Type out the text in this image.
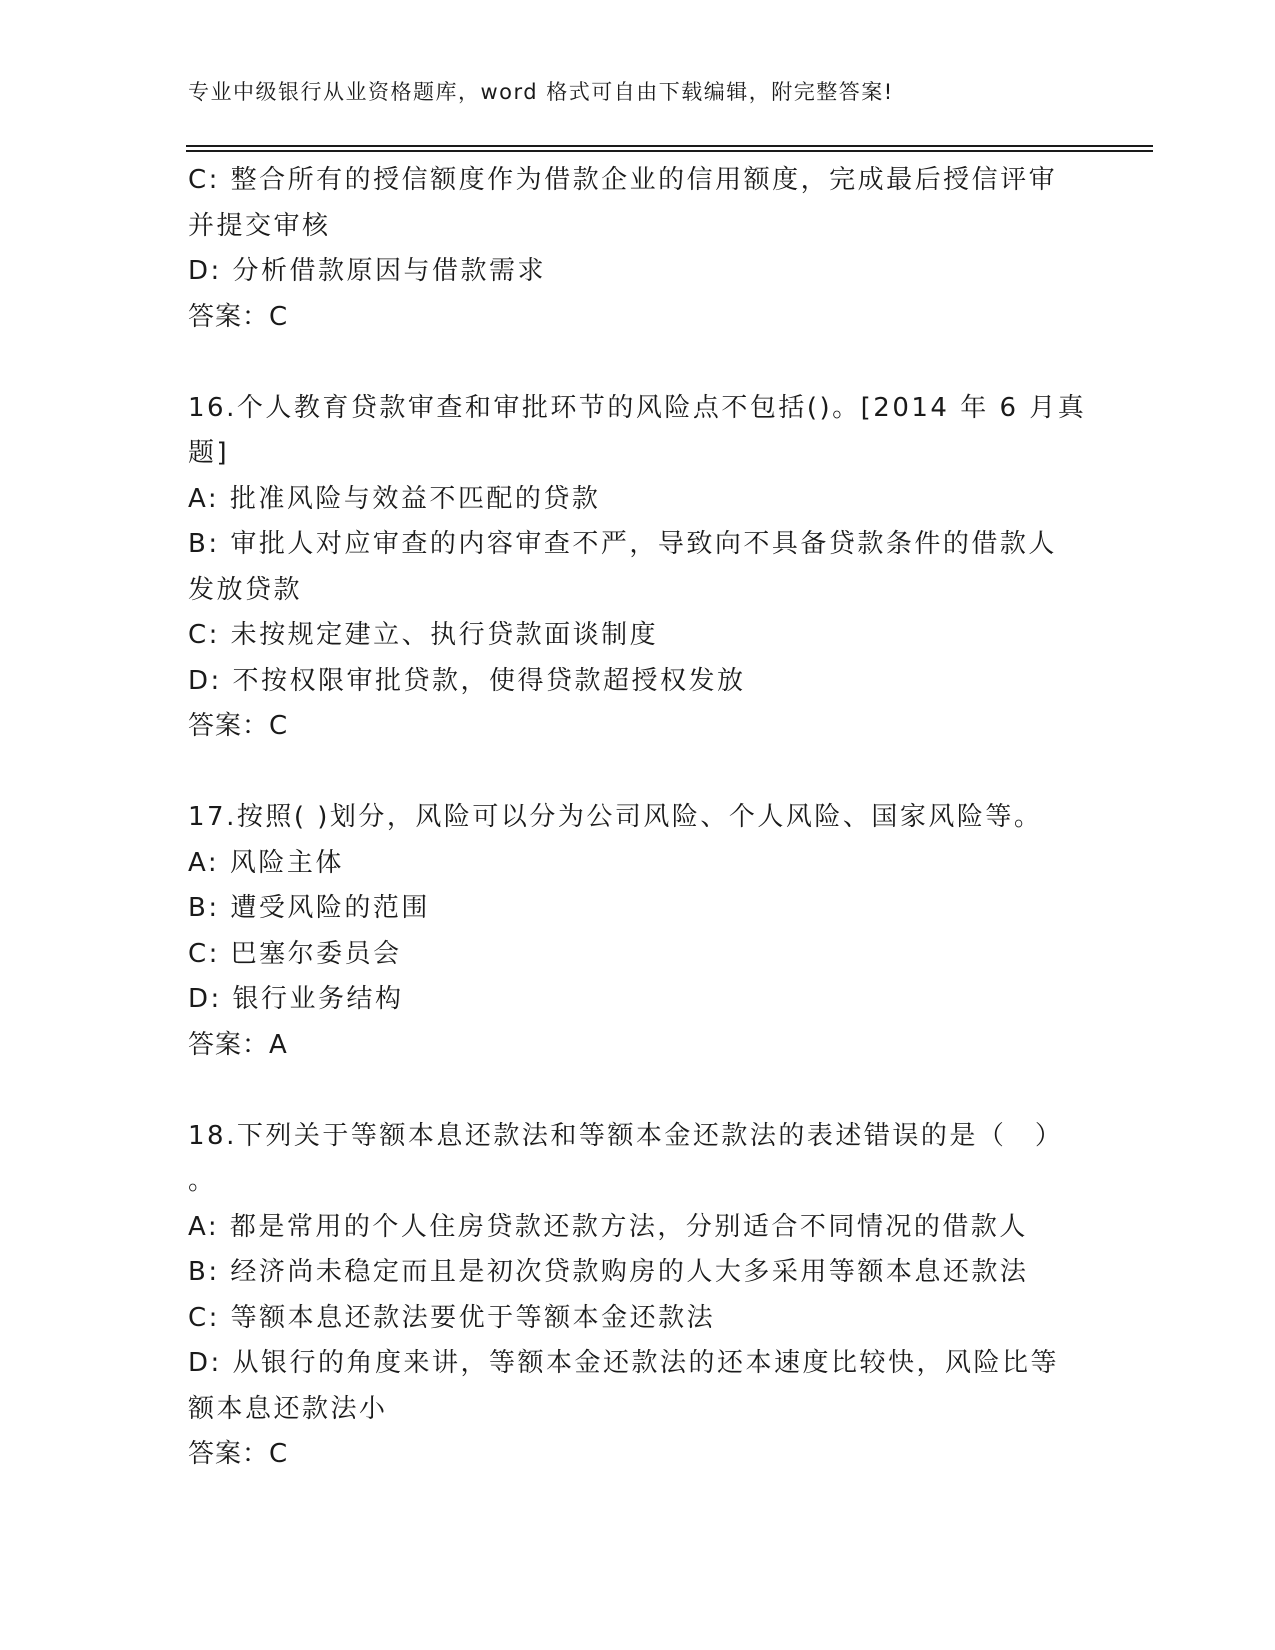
专业中级银行从业资格题库，word 格式可自由下载编辑，附完整答案!
C: 整合所有的授信额度作为借款企业的信用额度，完成最后授信评审
并提交审核
D: 分析借款原因与借款需求
答案：C
16.个人教育贷款审查和审批环节的风险点不包括()。[2014 年 6 月真
题]
A: 批准风险与效益不匹配的贷款
B: 审批人对应审查的内容审查不严，导致向不具备贷款条件的借款人
发放贷款
C: 未按规定建立、执行贷款面谈制度
D: 不按权限审批贷款，使得贷款超授权发放
答案：C
17.按照( )划分，风险可以分为公司风险、个人风险、国家风险等。
A: 风险主体
B: 遭受风险的范围
C: 巴塞尔委员会
D: 银行业务结构
答案：A
18.下列关于等额本息还款法和等额本金还款法的表述错误的是（　）
。
A: 都是常用的个人住房贷款还款方法，分别适合不同情况的借款人
B: 经济尚未稳定而且是初次贷款购房的人大多采用等额本息还款法
C: 等额本息还款法要优于等额本金还款法
D: 从银行的角度来讲，等额本金还款法的还本速度比较快，风险比等
额本息还款法小
答案：C
